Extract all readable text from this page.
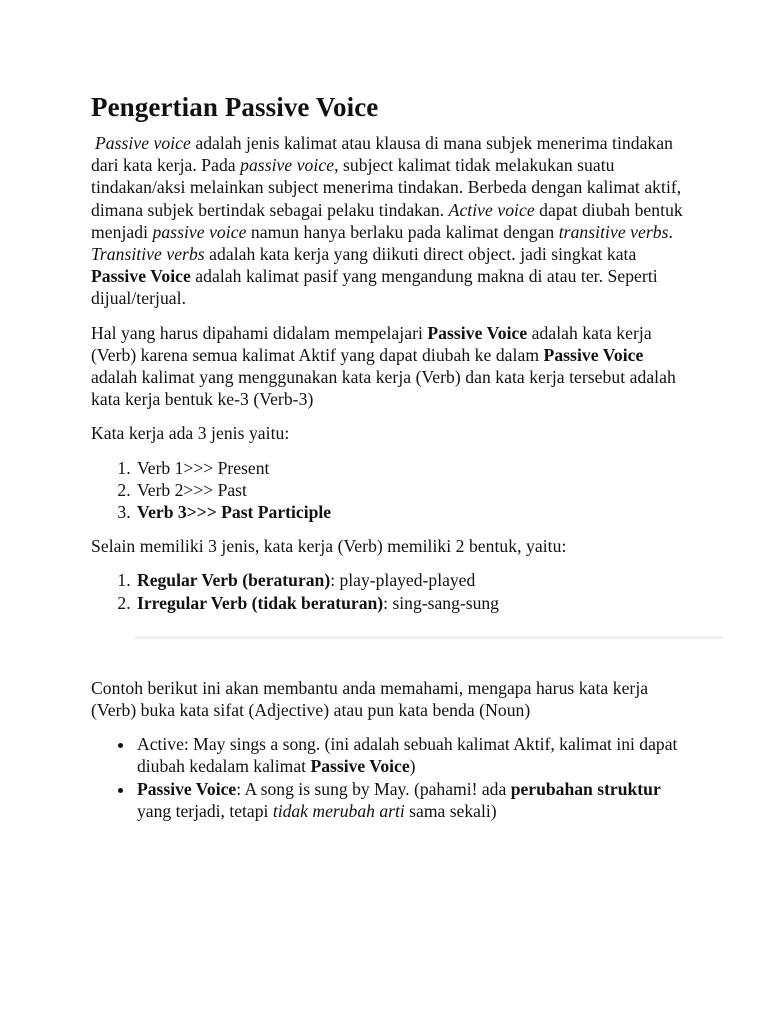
Pengertian Passive Voice

Passive voice adalah jenis kalimat atau klausa di mana subjek menerima tindakan dari kata kerja. Pada passive voice, subject kalimat tidak melakukan suatu tindakan/aksi melainkan subject menerima tindakan. Berbeda dengan kalimat aktif, dimana subjek bertindak sebagai pelaku tindakan. Active voice dapat diubah bentuk menjadi passive voice namun hanya berlaku pada kalimat dengan transitive verbs. Transitive verbs adalah kata kerja yang diikuti direct object. jadi singkat kata Passive Voice adalah kalimat pasif yang mengandung makna di atau ter. Seperti dijual/terjual.

Hal yang harus dipahami didalam mempelajari Passive Voice adalah kata kerja (Verb) karena semua kalimat Aktif yang dapat diubah ke dalam Passive Voice adalah kalimat yang menggunakan kata kerja (Verb) dan kata kerja tersebut adalah kata kerja bentuk ke-3 (Verb-3)

Kata kerja ada 3 jenis yaitu:

1. Verb 1>>> Present
2. Verb 2>>> Past
3. Verb 3>>> Past Participle

Selain memiliki 3 jenis, kata kerja (Verb) memiliki 2 bentuk, yaitu:

1. Regular Verb (beraturan): play-played-played
2. Irregular Verb (tidak beraturan): sing-sang-sung

Contoh berikut ini akan membantu anda memahami, mengapa harus kata kerja (Verb) buka kata sifat (Adjective) atau pun kata benda (Noun)

• Active: May sings a song. (ini adalah sebuah kalimat Aktif, kalimat ini dapat diubah kedalam kalimat Passive Voice)
• Passive Voice: A song is sung by May. (pahami! ada perubahan struktur yang terjadi, tetapi tidak merubah arti sama sekali)
